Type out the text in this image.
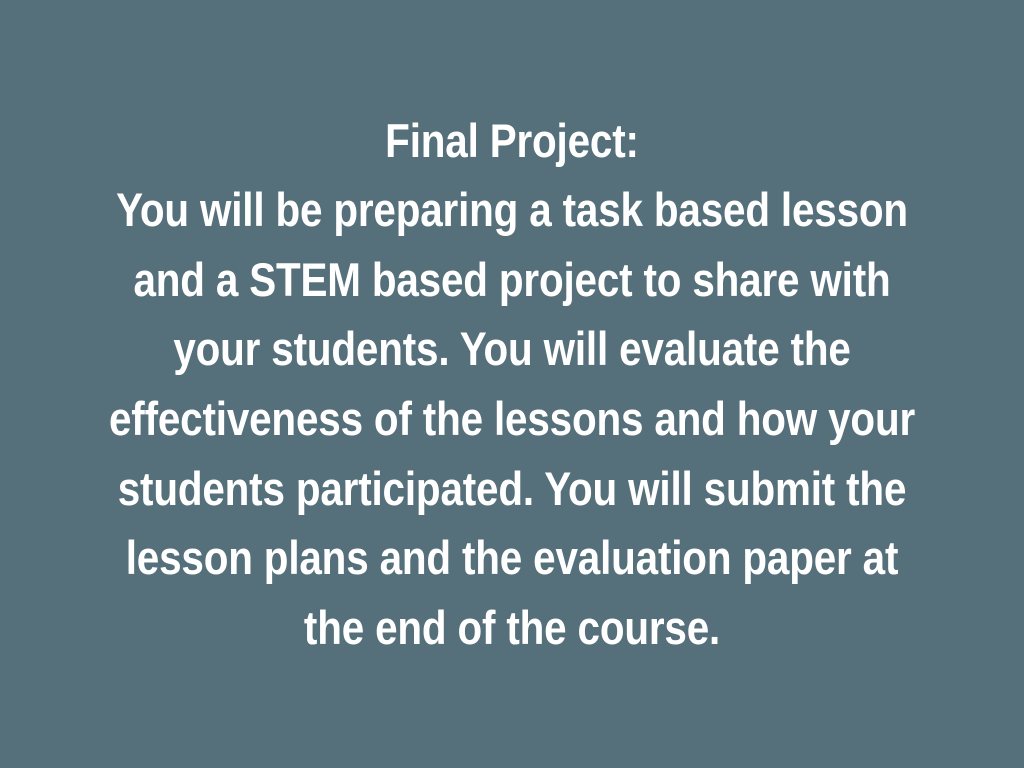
Final Project:
You will be preparing a task based lesson and a STEM based project to share with your students. You will evaluate the effectiveness of the lessons and how your students participated. You will submit the lesson plans and the evaluation paper at the end of the course.
